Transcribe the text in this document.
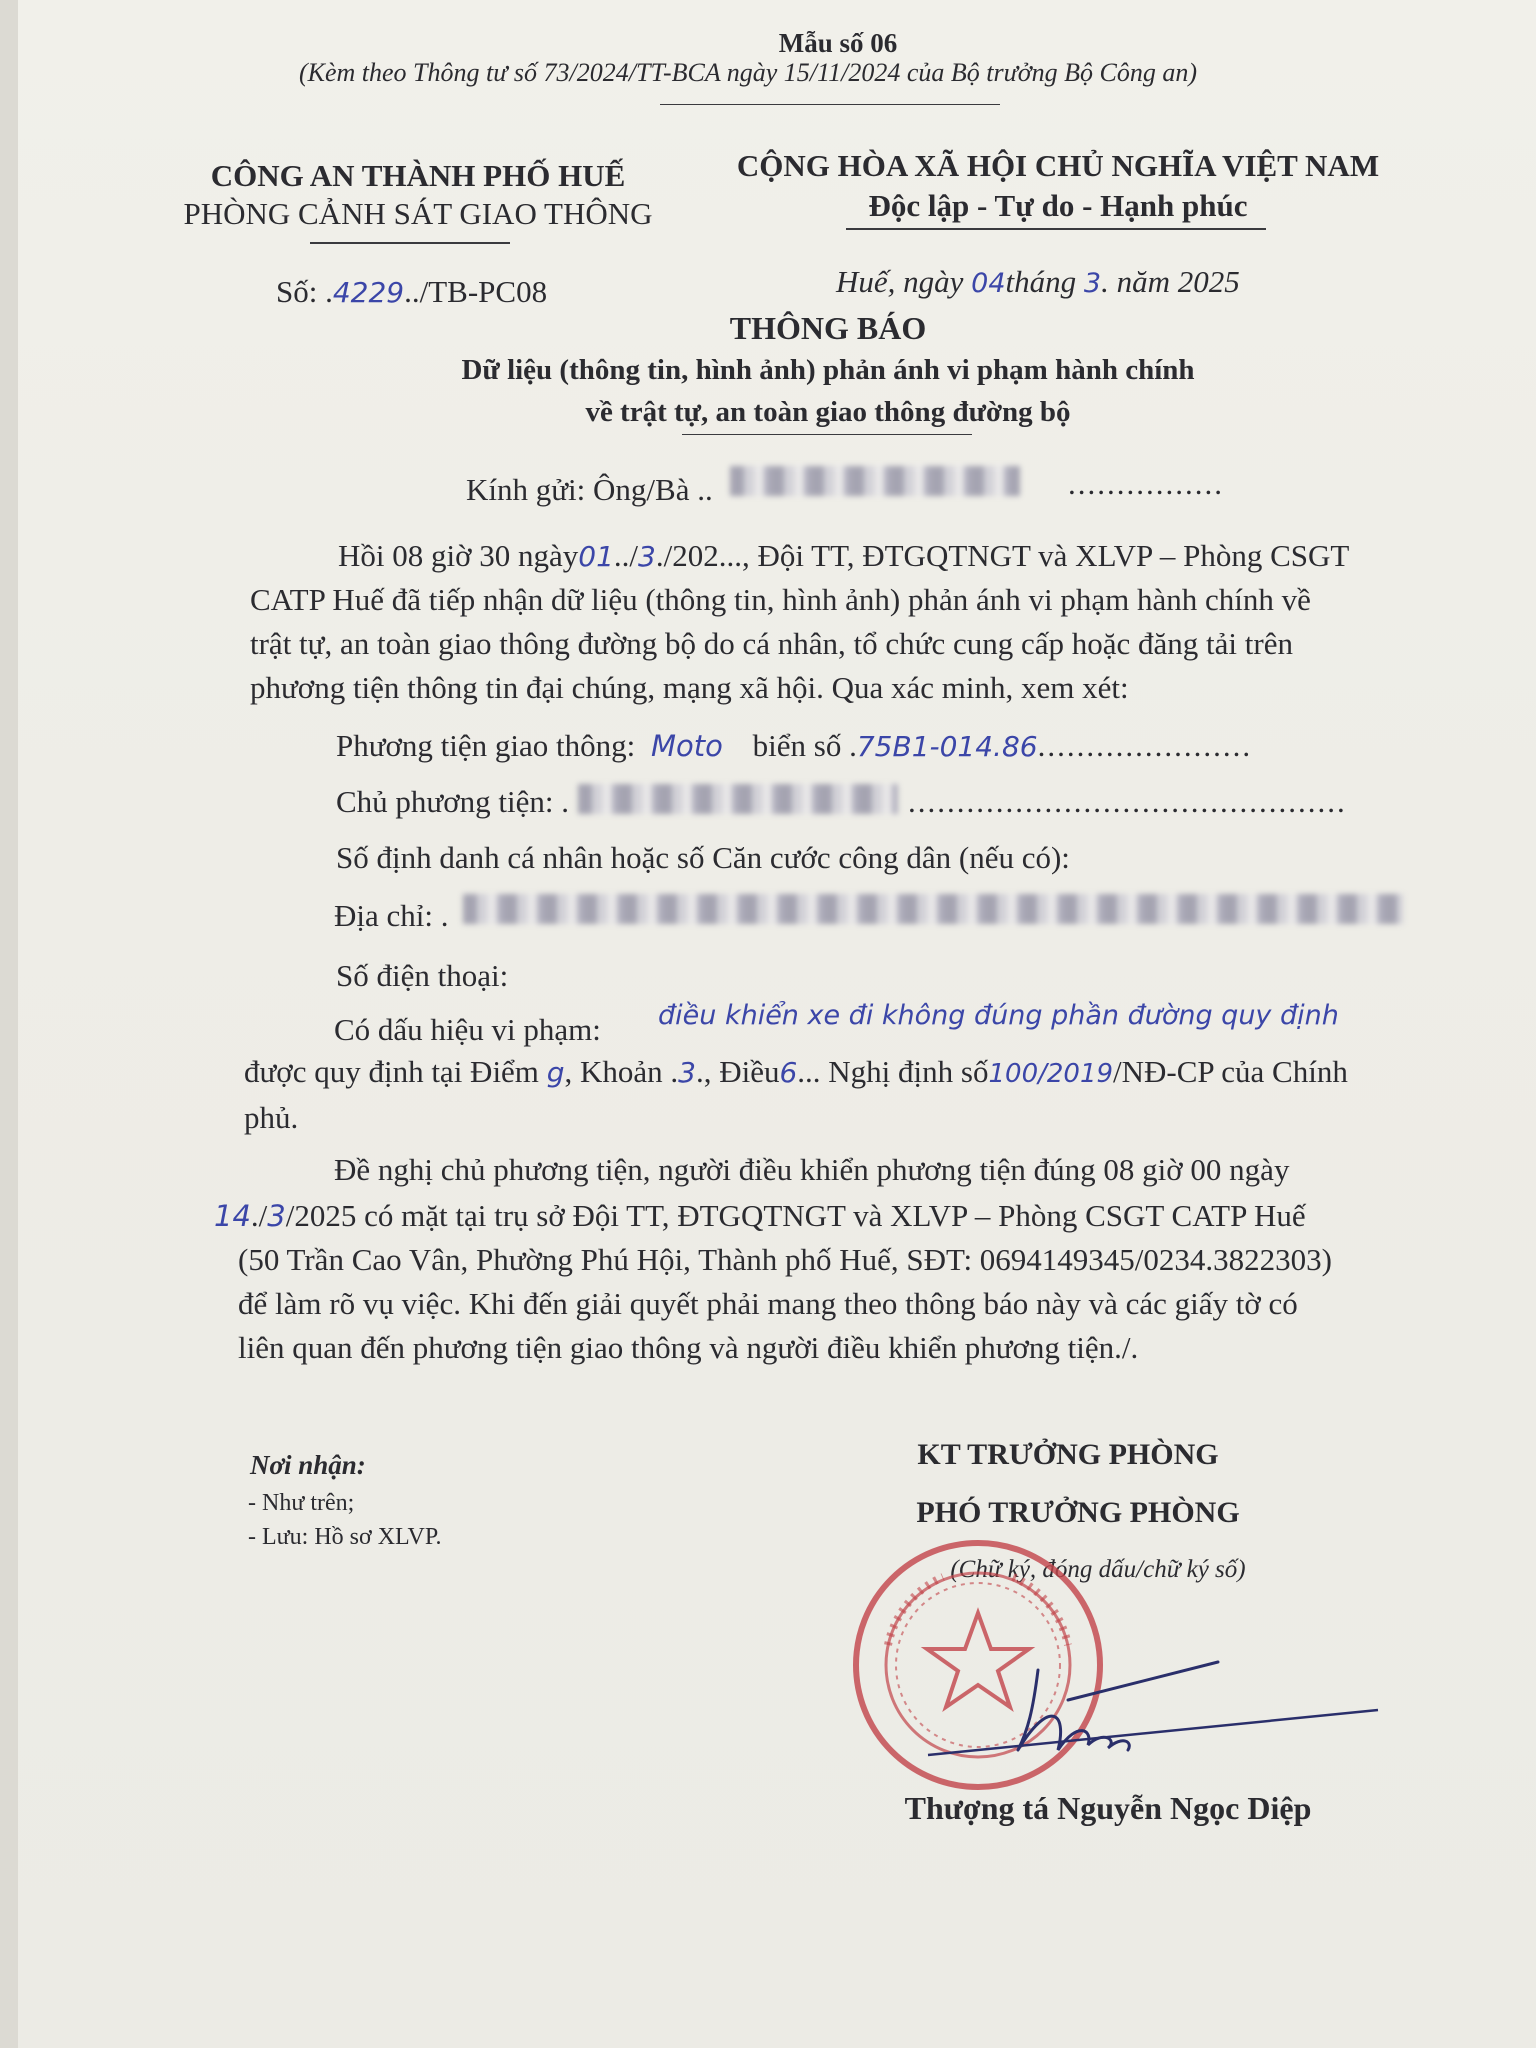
Mẫu số 06
(Kèm theo Thông tư số 73/2024/TT-BCA ngày 15/11/2024 của Bộ trưởng Bộ Công an)
CÔNG AN THÀNH PHỐ HUẾ
PHÒNG CẢNH SÁT GIAO THÔNG
CỘNG HÒA XÃ HỘI CHỦ NGHĨA VIỆT NAM
Độc lập - Tự do - Hạnh phúc
Số: .4229../TB-PC08	Huế, ngày 04tháng 3. năm 2025
THÔNG BÁO
Dữ liệu (thông tin, hình ảnh) phản ánh vi phạm hành chính
về trật tự, an toàn giao thông đường bộ
Kính gửi: Ông/Bà ..	................
Hồi 08 giờ 30 ngày01../3./202..., Đội TT, ĐTGQTNGT và XLVP – Phòng CSGT
CATP Huế đã tiếp nhận dữ liệu (thông tin, hình ảnh) phản ánh vi phạm hành chính về
trật tự, an toàn giao thông đường bộ do cá nhân, tổ chức cung cấp hoặc đăng tải trên
phương tiện thông tin đại chúng, mạng xã hội. Qua xác minh, xem xét:
Phương tiện giao thông: Moto biển số .75B1-014.86......................
Chủ phương tiện: .	.............................................
Số định danh cá nhân hoặc số Căn cước công dân (nếu có):
Địa chỉ: .
Số điện thoại:
Có dấu hiệu vi phạm: điều khiển xe đi không đúng phần đường quy định
được quy định tại Điểm g, Khoản .3., Điều6... Nghị định số100/2019/NĐ-CP của Chính
phủ.
Đề nghị chủ phương tiện, người điều khiển phương tiện đúng 08 giờ 00 ngày
14./3/2025 có mặt tại trụ sở Đội TT, ĐTGQTNGT và XLVP – Phòng CSGT CATP Huế
(50 Trần Cao Vân, Phường Phú Hội, Thành phố Huế, SĐT: 0694149345/0234.3822303)
để làm rõ vụ việc. Khi đến giải quyết phải mang theo thông báo này và các giấy tờ có
liên quan đến phương tiện giao thông và người điều khiển phương tiện./.
Nơi nhận:
- Như trên;
- Lưu: Hồ sơ XLVP.
KT TRƯỞNG PHÒNG
PHÓ TRƯỞNG PHÒNG
(Chữ ký, đóng dấu/chữ ký số)
Thượng tá Nguyễn Ngọc Diệp
